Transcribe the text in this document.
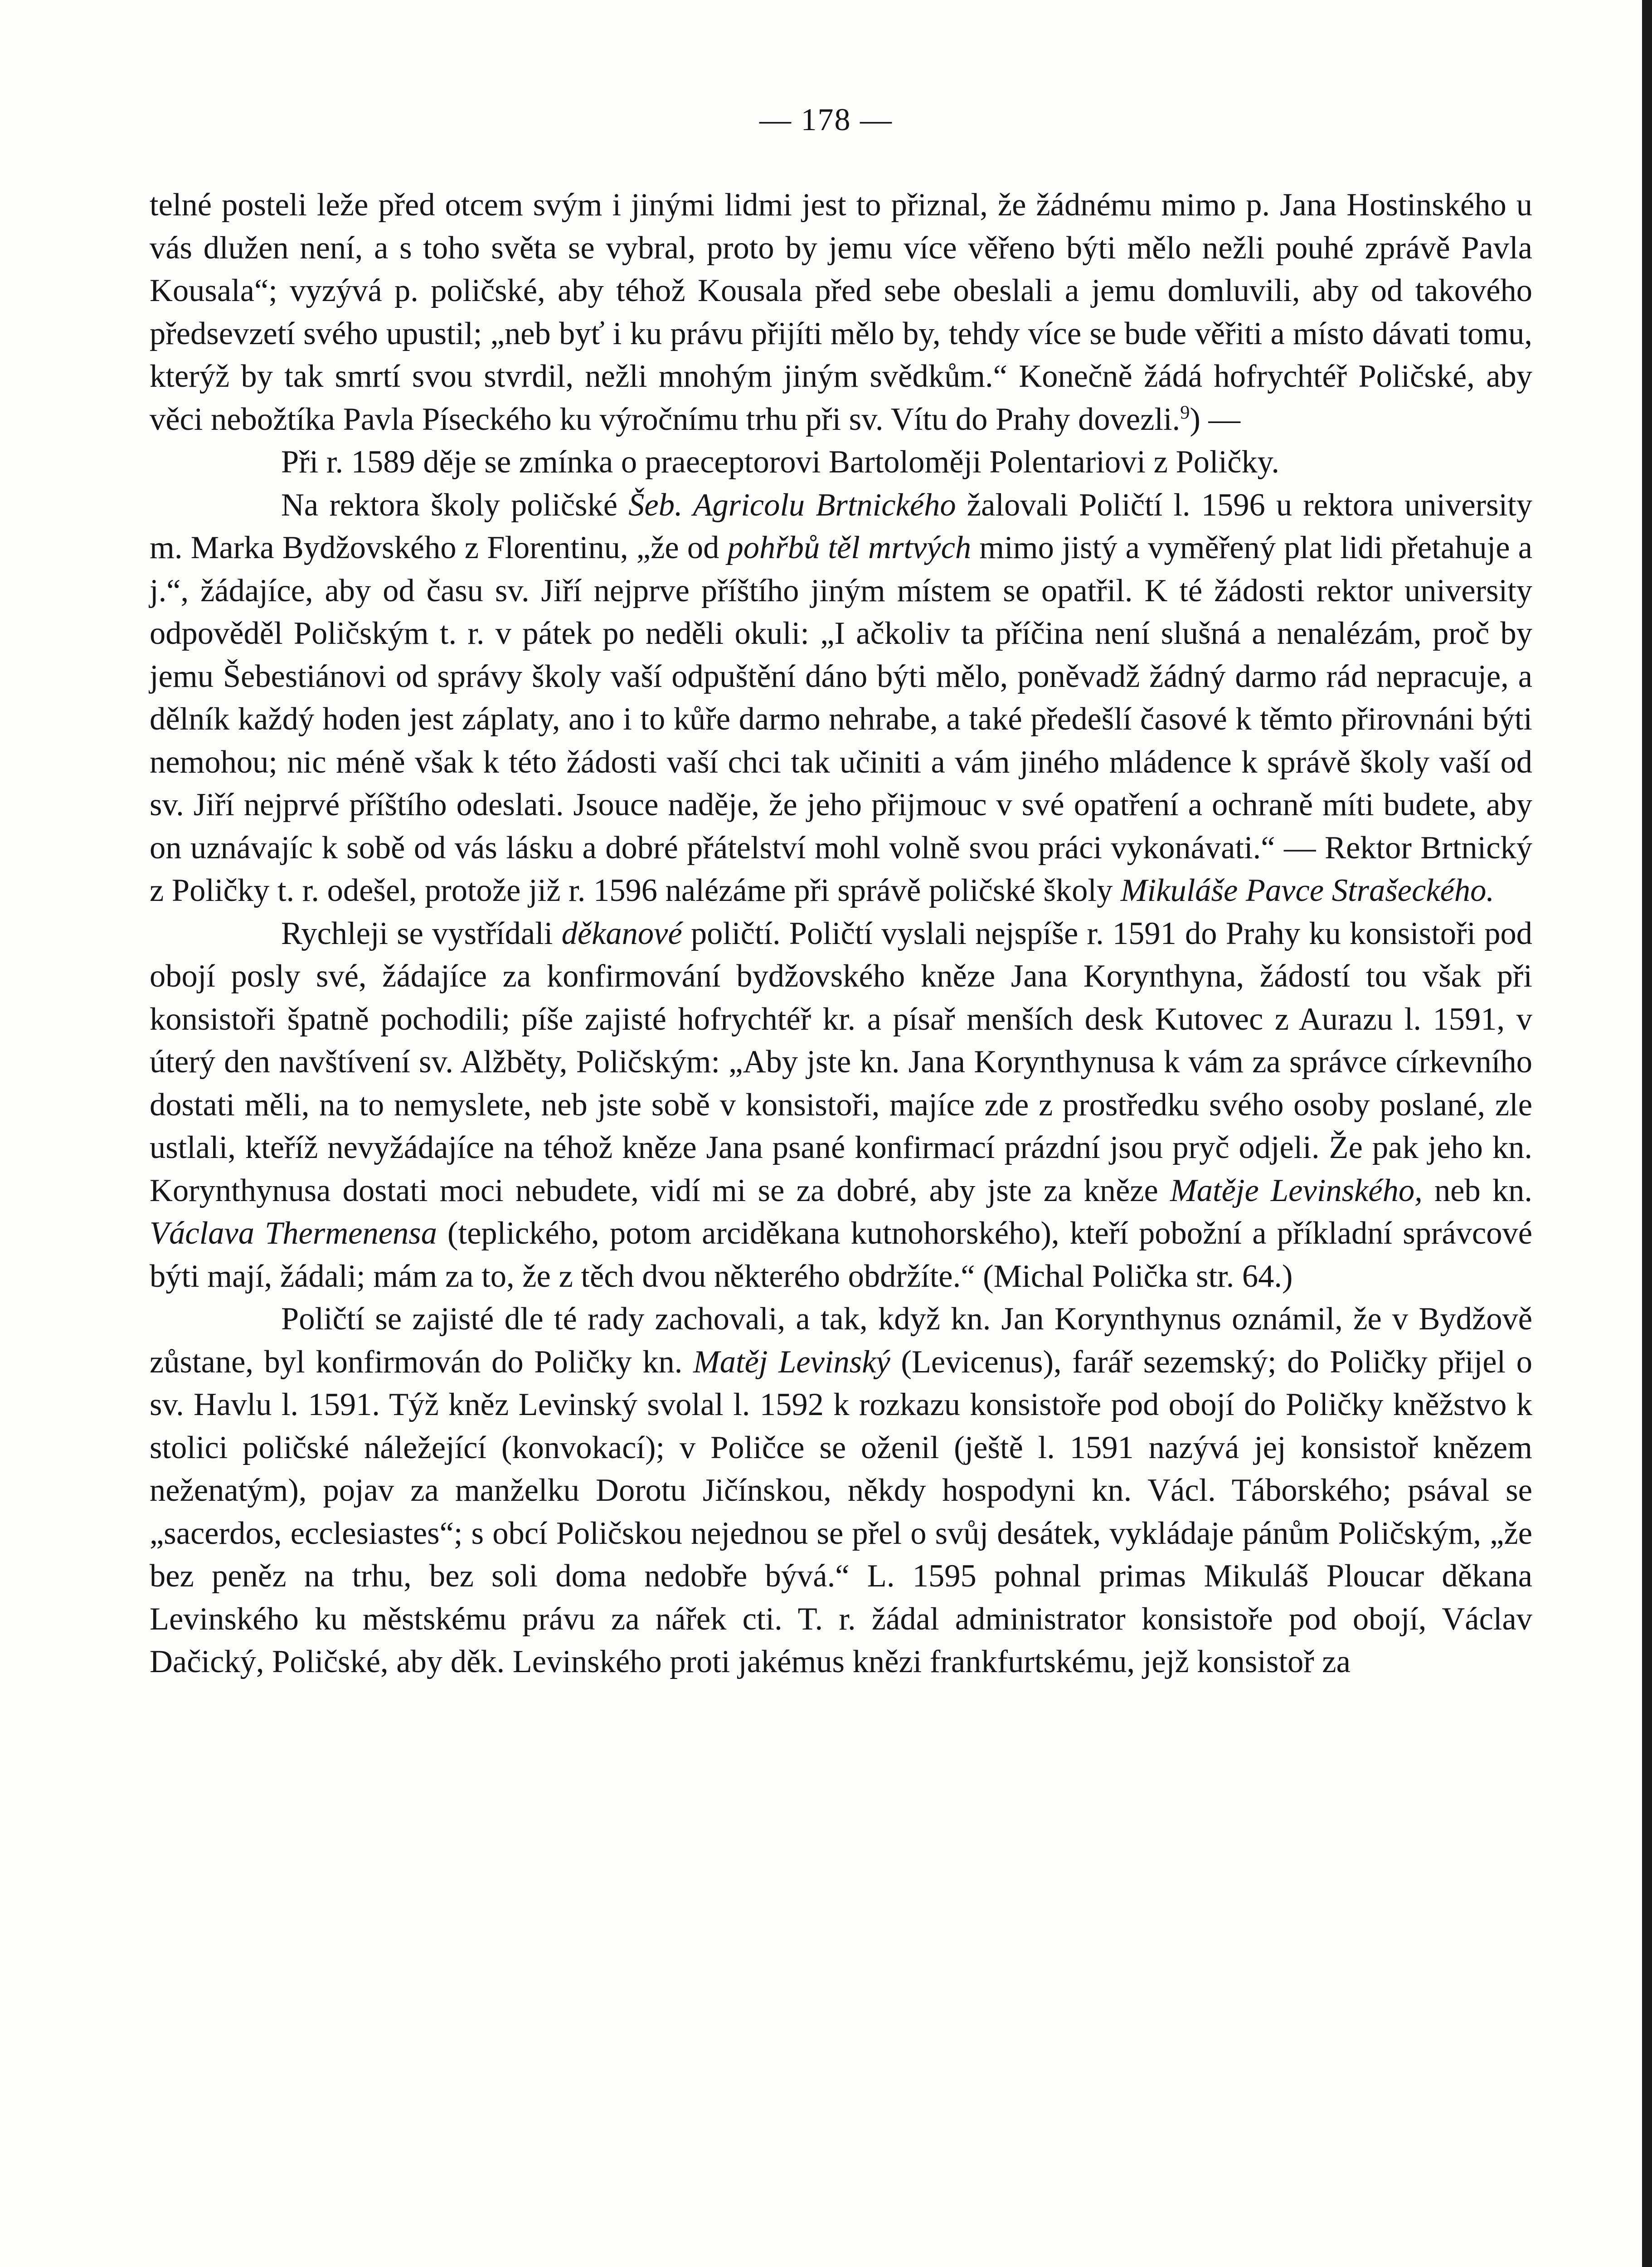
— 178 —

telné posteli leže před otcem svým i jinými lidmi jest to přiznal, že žádnému mimo p. Jana Hostinského u vás dlužen není, a s toho světa se vybral, proto by jemu více věřeno býti mělo nežli pouhé zprávě Pavla Kousala“; vyzývá p. poličské, aby téhož Kousala před sebe obeslali a jemu domluvili, aby od takového předsevzetí svého upustil; „neb byť i ku právu přijíti mělo by, tehdy více se bude věřiti a místo dávati tomu, kterýž by tak smrtí svou stvrdil, nežli mnohým jiným svědkům.“ Konečně žádá hofrychtéř Poličské, aby věci nebožtíka Pavla Píseckého ku výročnímu trhu při sv. Vítu do Prahy dovezli.$^9$) —

Při r. 1589 děje se zmínka o praeceptorovi Bartoloměji Polentariovi z Poličky.

Na rektora školy poličské Šeb. Agricolu Brtnického žalovali Poličtí l. 1596 u rektora university m. Marka Bydžovského z Florentinu, „že od pohřbů těl mrtvých mimo jistý a vyměřený plat lidi přetahuje a j.“, žádajíce, aby od času sv. Jiří nejprve příštího jiným místem se opatřil. K té žádosti rektor university odpověděl Poličským t. r. v pátek po neděli okuli: „I ačkoliv ta příčina není slušná a nenalézám, proč by jemu Šebestiánovi od správy školy vaší odpuštění dáno býti mělo, poněvadž žádný darmo rád nepracuje, a dělník každý hoden jest záplaty, ano i to kůře darmo nehrabe, a také předešlí časové k těmto přirovnáni býti nemohou; nic méně však k této žádosti vaší chci tak učiniti a vám jiného mládence k správě školy vaší od sv. Jiří nejprvé příštího odeslati. Jsouce naděje, že jeho přijmouc v své opatření a ochraně míti budete, aby on uznávajíc k sobě od vás lásku a dobré přátelství mohl volně svou práci vykonávati.“ — Rektor Brtnický z Poličky t. r. odešel, protože již r. 1596 nalézáme při správě poličské školy Mikuláše Pavce Strašeckého.

Rychleji se vystřídali děkanové poličtí. Poličtí vyslali nejspíše r. 1591 do Prahy ku konsistoři pod obojí posly své, žádajíce za konfirmování bydžovského kněze Jana Korynthyna, žádostí tou však při konsistoři špatně pochodili; píše zajisté hofrychtéř kr. a písař menších desk Kutovec z Aurazu l. 1591, v úterý den navštívení sv. Alžběty, Poličským: „Aby jste kn. Jana Korynthynusa k vám za správce církevního dostati měli, na to nemyslete, neb jste sobě v konsistoři, majíce zde z prostředku svého osoby poslané, zle ustlali, kteříž nevyžádajíce na téhož kněze Jana psané konfirmací prázdní jsou pryč odjeli. Že pak jeho kn. Korynthynusa dostati moci nebudete, vidí mi se za dobré, aby jste za kněze Matěje Levinského, neb kn. Václava Thermenensa (teplického, potom arciděkana kutnohorského), kteří pobožní a příkladní správcové býti mají, žádali; mám za to, že z těch dvou některého obdržíte.“ (Michal Polička str. 64.)

Poličtí se zajisté dle té rady zachovali, a tak, když kn. Jan Korynthynus oznámil, že v Bydžově zůstane, byl konfirmován do Poličky kn. Matěj Levinský (Levicenus), farář sezemský; do Poličky přijel o sv. Havlu l. 1591. Týž kněz Levinský svolal l. 1592 k rozkazu konsistoře pod obojí do Poličky kněžstvo k stolici poličské náležející (konvokací); v Poličce se oženil (ještě l. 1591 nazývá jej konsistoř knězem neženatým), pojav za manželku Dorotu Jičínskou, někdy hospodyni kn. Václ. Táborského; psával se „sacerdos, ecclesiastes“; s obcí Poličskou nejednou se přel o svůj desátek, vykládaje pánům Poličským, „že bez peněz na trhu, bez soli doma nedobře bývá.“ L. 1595 pohnal primas Mikuláš Ploucar děkana Levinského ku městskému právu za nářek cti. T. r. žádal administrator konsistoře pod obojí, Václav Dačický, Poličské, aby děk. Levinského proti jakémus knězi frankfurtskému, jejž konsistoř za
